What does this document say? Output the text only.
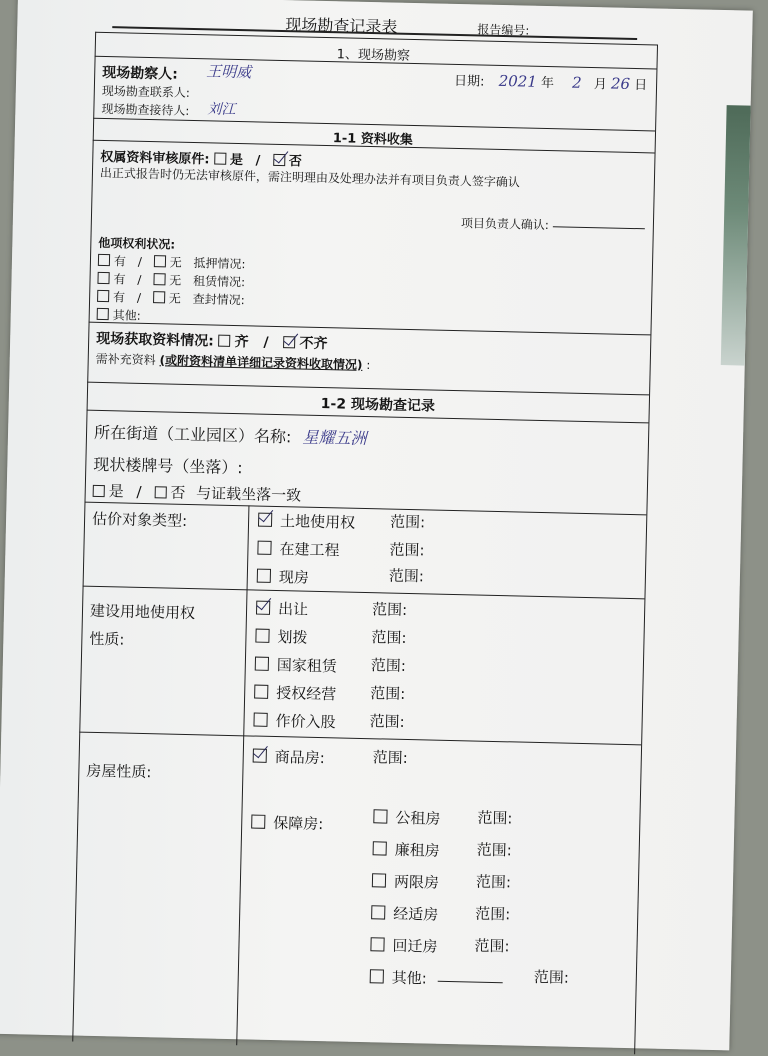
现场勘查记录表	报告编号:
1、现场勘察
现场勘察人: 王明威
现场勘查联系人:
现场勘查接待人: 刘江
日期: 2021 年 2 月 26 日
1-1 资料收集
权属资料审核原件: 是 / 否
出正式报告时仍无法审核原件，需注明理由及处理办法并有项目负责人签字确认
项目负责人确认:
他项权利状况:
有 / 无 抵押情况:
有 / 无 租赁情况:
有 / 无 查封情况:
其他:
现场获取资料情况: 齐 / 不齐
需补充资料 (或附资料清单详细记录资料收取情况) :
1-2 现场勘查记录
所在街道（工业园区）名称: 星耀五洲
现状楼牌号（坐落）:
是 / 否 与证载坐落一致
估价对象类型:	土地使用权 范围:
在建工程	范围:
现房	范围:
建设用地使用权
性质:
出让	范围:
划拨	范围:
国家租赁 范围:
授权经营 范围:
作价入股 范围:
房屋性质:
商品房:	范围:
保障房:	公租房 范围:
廉租房 范围:
两限房 范围:
经适房 范围:
回迁房 范围:
其他:	范围:
